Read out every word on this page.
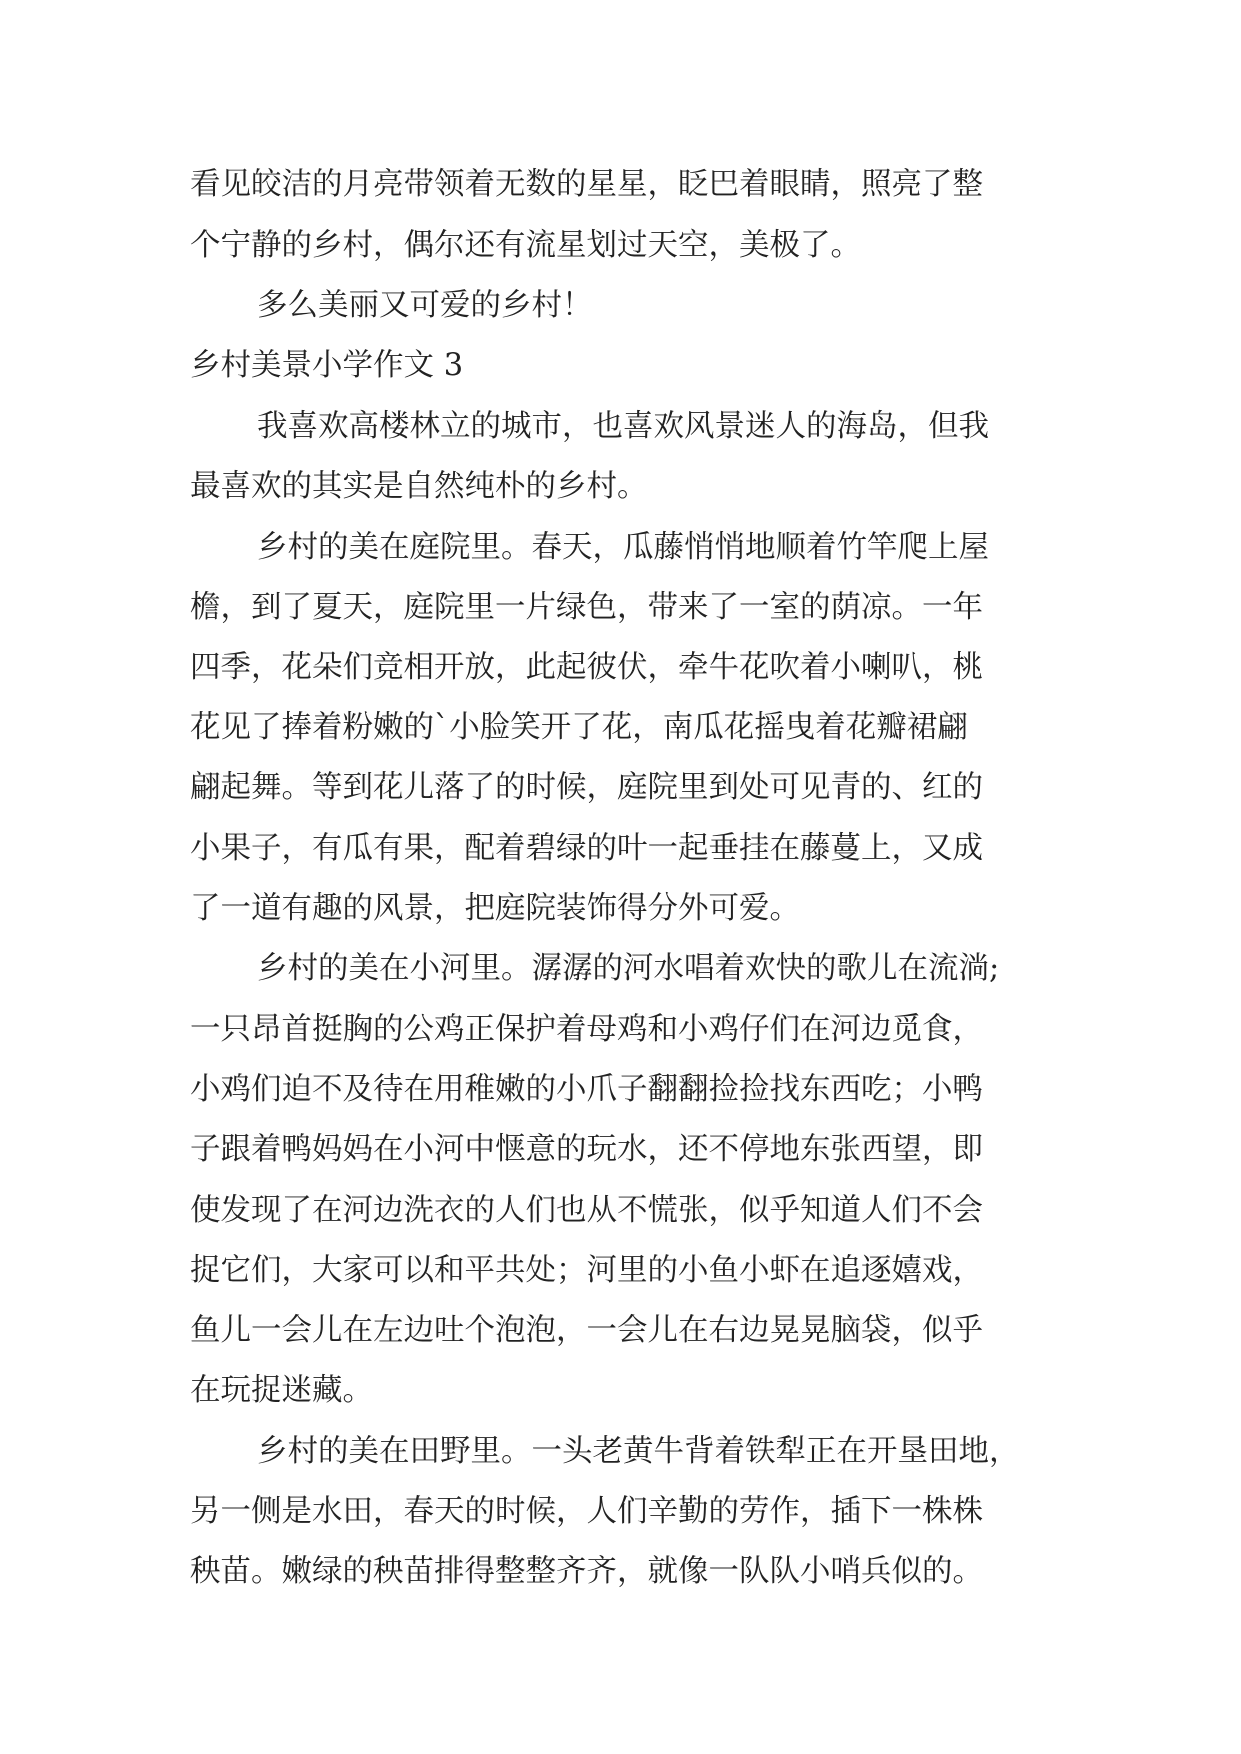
看见皎洁的月亮带领着无数的星星，眨巴着眼睛，照亮了整
个宁静的乡村，偶尔还有流星划过天空，美极了。
多么美丽又可爱的乡村！
乡村美景小学作文 3
我喜欢高楼林立的城市，也喜欢风景迷人的海岛，但我
最喜欢的其实是自然纯朴的乡村。
乡村的美在庭院里。春天，瓜藤悄悄地顺着竹竿爬上屋
檐，到了夏天，庭院里一片绿色，带来了一室的荫凉。一年
四季，花朵们竞相开放，此起彼伏，牵牛花吹着小喇叭，桃
花见了捧着粉嫩的`小脸笑开了花，南瓜花摇曳着花瓣裙翩
翩起舞。等到花儿落了的时候，庭院里到处可见青的、红的
小果子，有瓜有果，配着碧绿的叶一起垂挂在藤蔓上，又成
了一道有趣的风景，把庭院装饰得分外可爱。
乡村的美在小河里。潺潺的河水唱着欢快的歌儿在流淌;
一只昂首挺胸的公鸡正保护着母鸡和小鸡仔们在河边觅食，
小鸡们迫不及待在用稚嫩的小爪子翻翻捡捡找东西吃；小鸭
子跟着鸭妈妈在小河中惬意的玩水，还不停地东张西望，即
使发现了在河边洗衣的人们也从不慌张，似乎知道人们不会
捉它们，大家可以和平共处；河里的小鱼小虾在追逐嬉戏，
鱼儿一会儿在左边吐个泡泡，一会儿在右边晃晃脑袋，似乎
在玩捉迷藏。
乡村的美在田野里。一头老黄牛背着铁犁正在开垦田地，
另一侧是水田，春天的时候，人们辛勤的劳作，插下一株株
秧苗。嫩绿的秧苗排得整整齐齐，就像一队队小哨兵似的。
